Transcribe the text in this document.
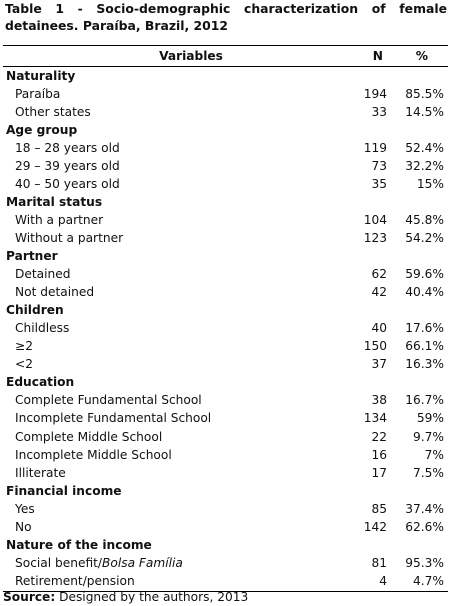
Table 1 - Socio-demographic characterization of female detainees. Paraíba, Brazil, 2012
Variables	N	%
Naturality
Paraíba	194 85.5%
Other states	33 14.5%
Age group
18 – 28 years old	119 52.4%
29 – 39 years old	73 32.2%
40 – 50 years old	35 15%
Marital status
With a partner	104 45.8%
Without a partner	123 54.2%
Partner
Detained	62 59.6%
Not detained	42 40.4%
Children
Childless	40 17.6%
≥2	150 66.1%
<2	37 16.3%
Education
Complete Fundamental School	38 16.7%
Incomplete Fundamental School	134 59%
Complete Middle School	22 9.7%
Incomplete Middle School	16	7%
Illiterate	17 7.5%
Financial income
Yes	85 37.4%
No	142 62.6%
Nature of the income
Social benefit/Bolsa Família	81 95.3%
Retirement/pension	4 4.7%
Source: Designed by the authors, 2013
